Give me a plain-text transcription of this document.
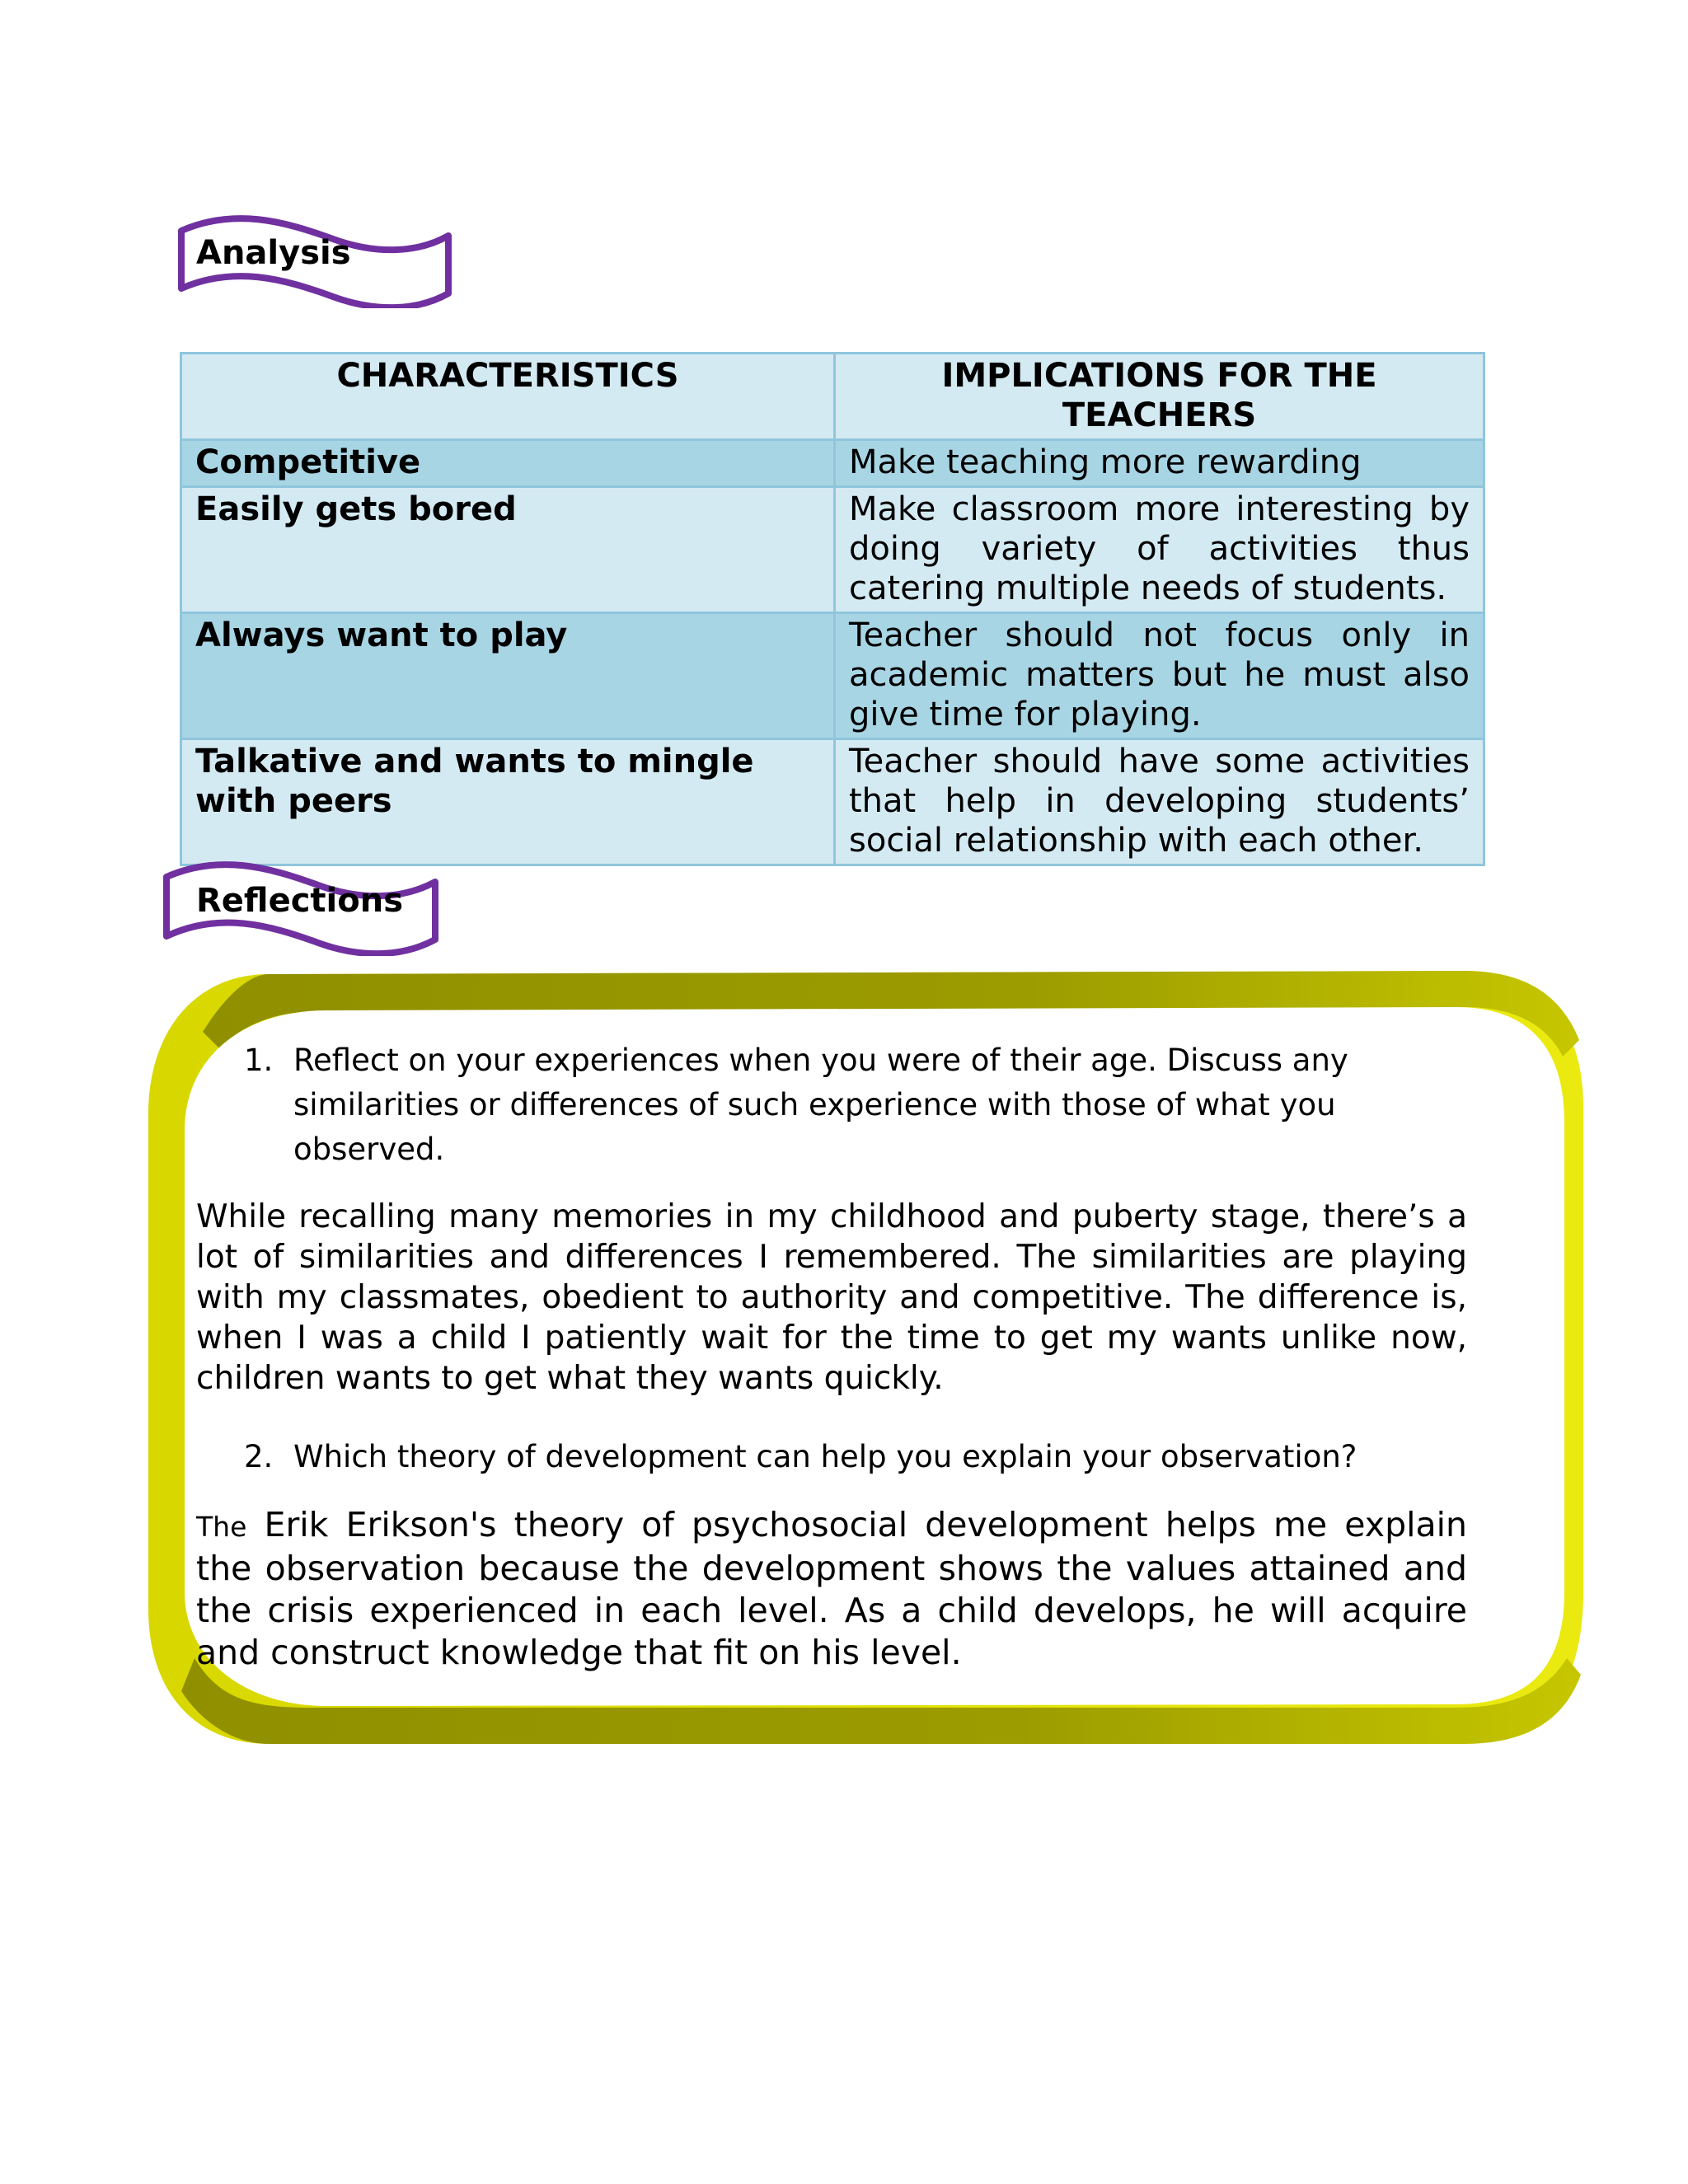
Analysis
CHARACTERISTICS	IMPLICATIONS FOR THE TEACHERS
Competitive	Make teaching more rewarding
Easily gets bored	Make classroom more interesting by doing variety of activities thus catering multiple needs of students.
Always want to play	Teacher should not focus only in academic matters but he must also give time for playing.
Talkative and wants to mingle with peers	Teacher should have some activities that help in developing students’ social relationship with each other.
Reflections
1. Reflect on your experiences when you were of their age. Discuss any similarities or differences of such experience with those of what you observed.
While recalling many memories in my childhood and puberty stage, there’s a lot of similarities and differences I remembered. The similarities are playing with my classmates, obedient to authority and competitive. The difference is, when I was a child I patiently wait for the time to get my wants unlike now, children wants to get what they wants quickly.
2. Which theory of development can help you explain your observation?
The Erik Erikson's theory of psychosocial development helps me explain the observation because the development shows the values attained and the crisis experienced in each level. As a child develops, he will acquire and construct knowledge that fit on his level.
